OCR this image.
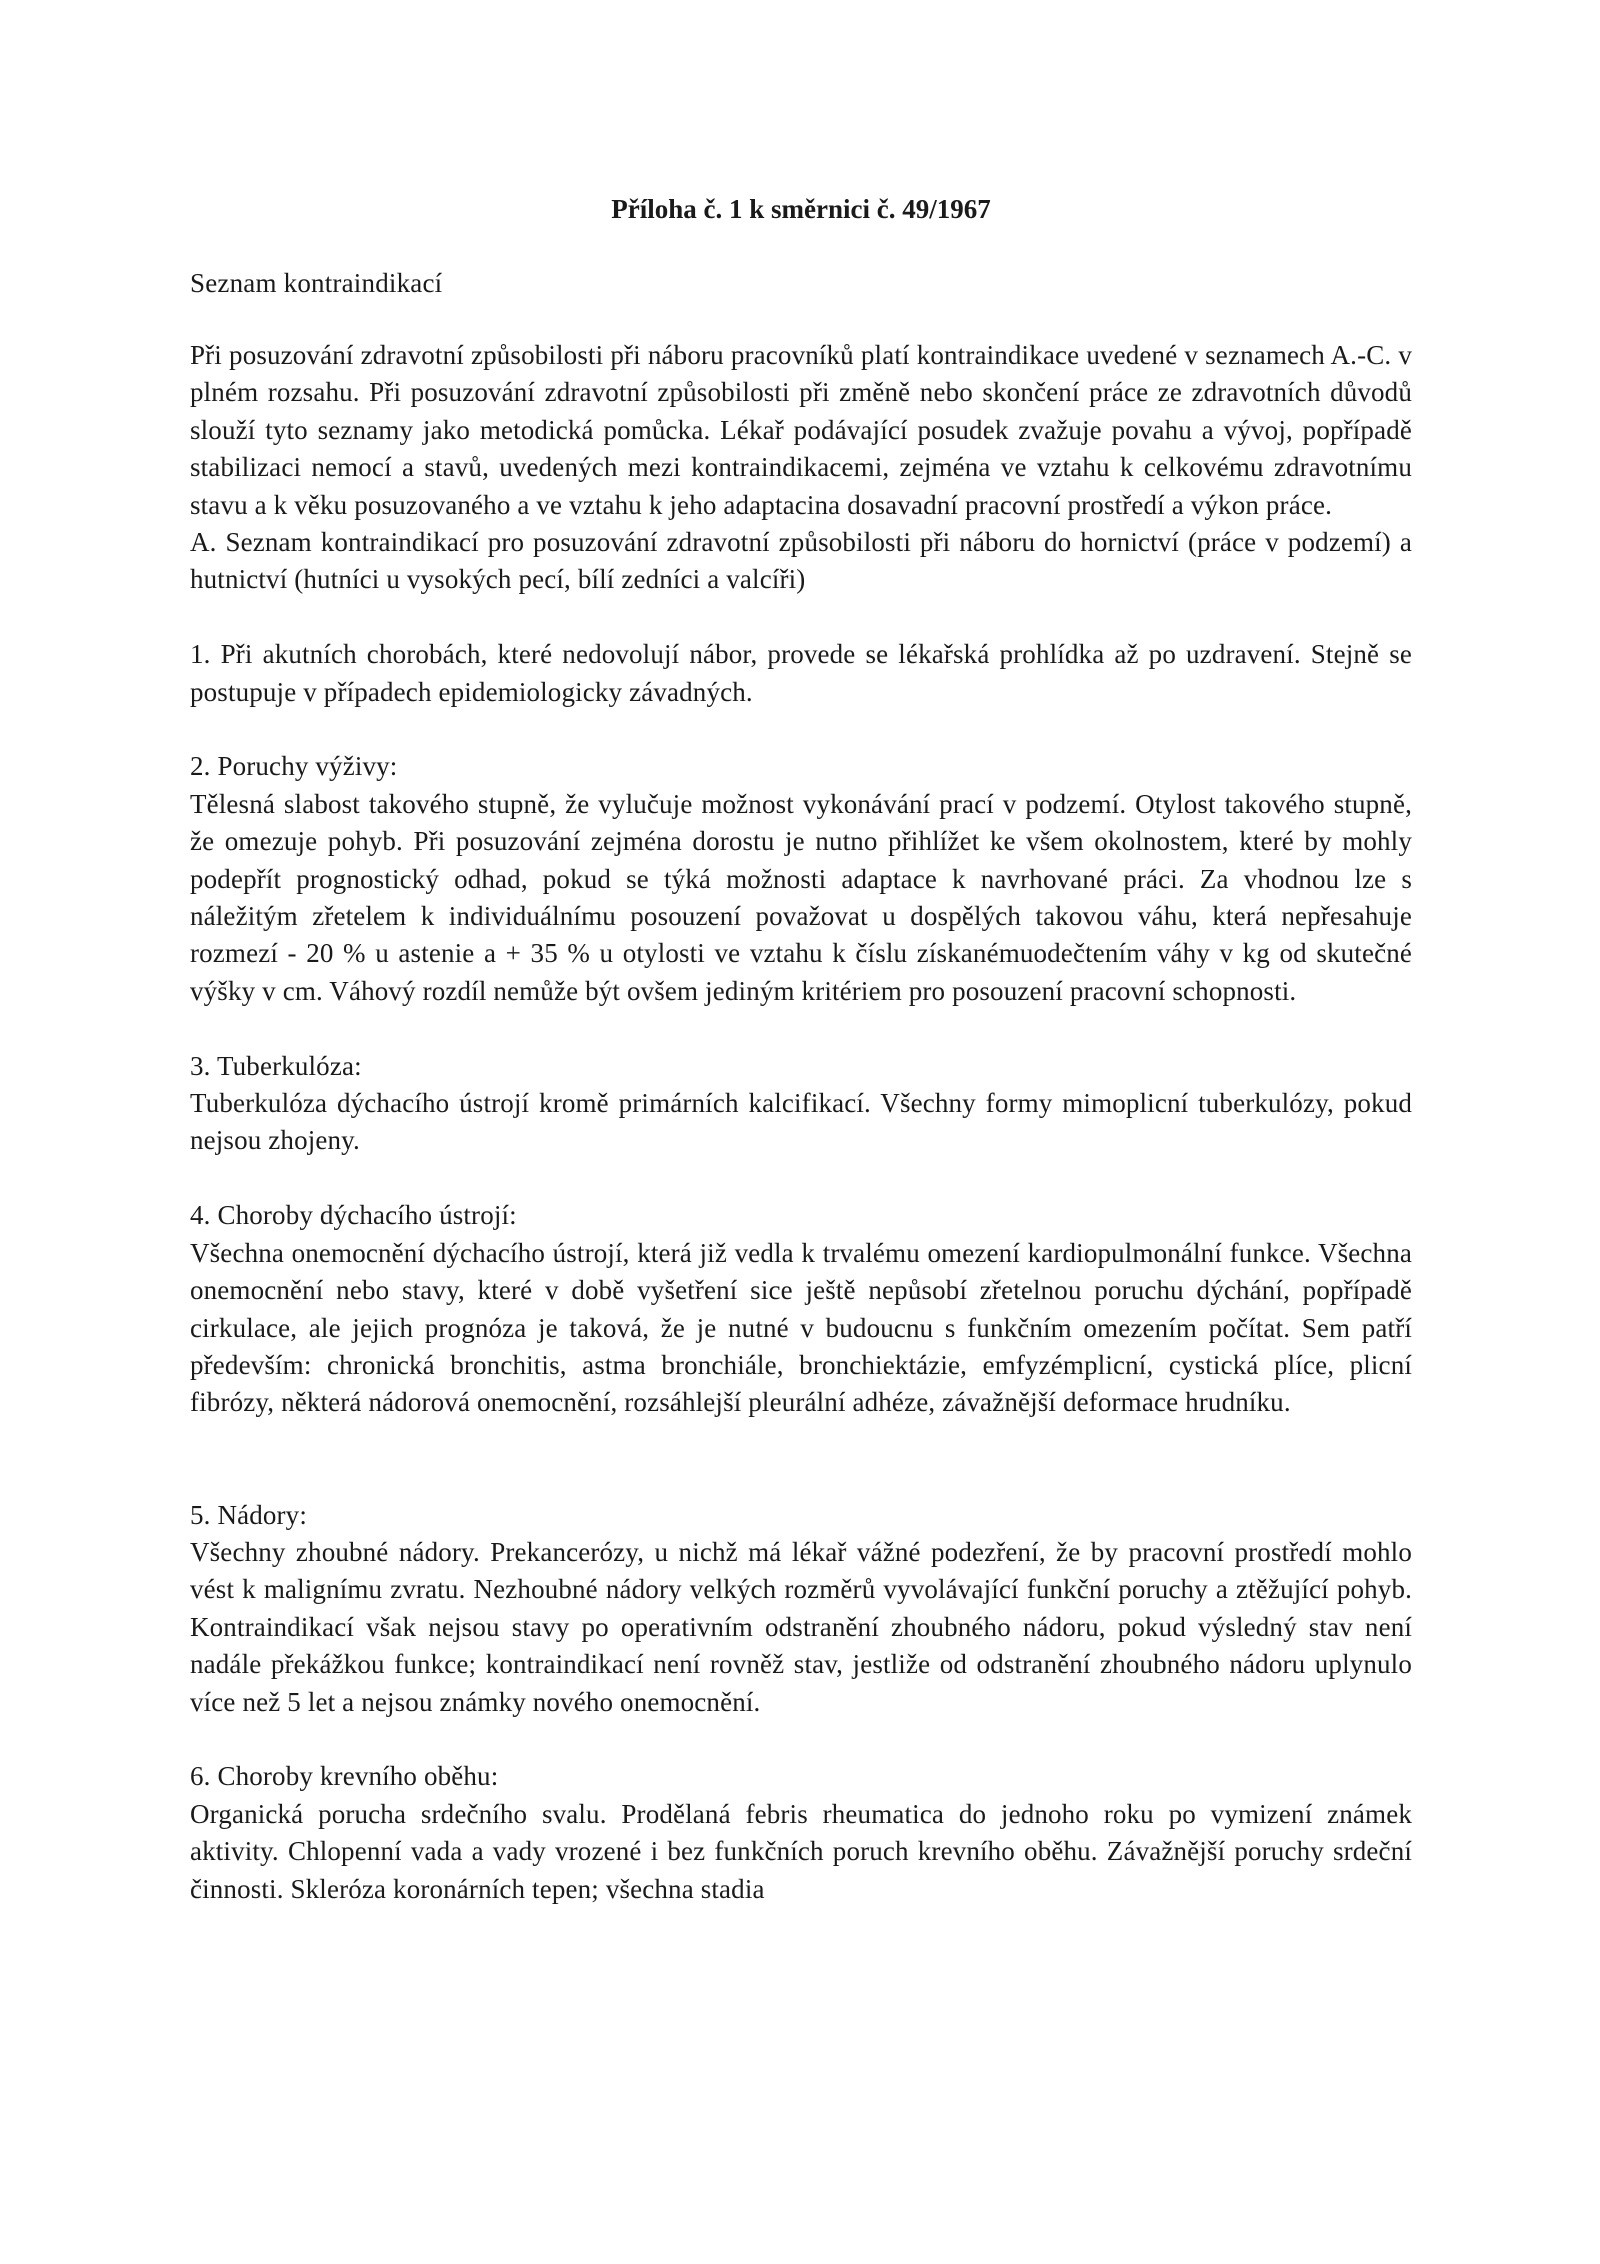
Příloha č. 1 k směrnici č. 49/1967

Seznam kontraindikací

Při posuzování zdravotní způsobilosti při náboru pracovníků platí kontraindikace uvedené v seznamech A.-C. v plném rozsahu. Při posuzování zdravotní způsobilosti při změně nebo skončení práce ze zdravotních důvodů slouží tyto seznamy jako metodická pomůcka. Lékař podávající posudek zvažuje povahu a vývoj, popřípadě stabilizaci nemocí a stavů, uvedených mezi kontraindikacemi, zejména ve vztahu k celkovému zdravotnímu stavu a k věku posuzovaného a ve vztahu k jeho adaptacina dosavadní pracovní prostředí a výkon práce.

A. Seznam kontraindikací pro posuzování zdravotní způsobilosti při náboru do hornictví (práce v podzemí) a hutnictví (hutníci u vysokých pecí, bílí zedníci a valcíři)

1. Při akutních chorobách, které nedovolují nábor, provede se lékařská prohlídka až po uzdravení. Stejně se postupuje v případech epidemiologicky závadných.

2. Poruchy výživy:

Tělesná slabost takového stupně, že vylučuje možnost vykonávání prací v podzemí. Otylost takového stupně, že omezuje pohyb. Při posuzování zejména dorostu je nutno přihlížet ke všem okolnostem, které by mohly podepřít prognostický odhad, pokud se týká možnosti adaptace k navrhované práci. Za vhodnou lze s náležitým zřetelem k individuálnímu posouzení považovat u dospělých takovou váhu, která nepřesahuje rozmezí - 20 % u astenie a + 35 % u otylosti ve vztahu k číslu získanémuodečtením váhy v kg od skutečné výšky v cm. Váhový rozdíl nemůže být ovšem jediným kritériem pro posouzení pracovní schopnosti.

3. Tuberkulóza:

Tuberkulóza dýchacího ústrojí kromě primárních kalcifikací. Všechny formy mimoplicní tuberkulózy, pokud nejsou zhojeny.

4. Choroby dýchacího ústrojí:

Všechna onemocnění dýchacího ústrojí, která již vedla k trvalému omezení kardiopulmonální funkce. Všechna onemocnění nebo stavy, které v době vyšetření sice ještě nepůsobí zřetelnou poruchu dýchání, popřípadě cirkulace, ale jejich prognóza je taková, že je nutné v budoucnu s funkčním omezením počítat. Sem patří především: chronická bronchitis, astma bronchiále, bronchiektázie, emfyzémplicní, cystická plíce, plicní fibrózy, některá nádorová onemocnění, rozsáhlejší pleurální adhéze, závažnější deformace hrudníku.

5. Nádory:

Všechny zhoubné nádory. Prekancerózy, u nichž má lékař vážné podezření, že by pracovní prostředí mohlo vést k malignímu zvratu. Nezhoubné nádory velkých rozměrů vyvolávající funkční poruchy a ztěžující pohyb. Kontraindikací však nejsou stavy po operativním odstranění zhoubného nádoru, pokud výsledný stav není nadále překážkou funkce; kontraindikací není rovněž stav, jestliže od odstranění zhoubného nádoru uplynulo více než 5 let a nejsou známky nového onemocnění.

6. Choroby krevního oběhu:

Organická porucha srdečního svalu. Prodělaná febris rheumatica do jednoho roku po vymizení známek aktivity. Chlopenní vada a vady vrozené i bez funkčních poruch krevního oběhu. Závažnější poruchy srdeční činnosti. Skleróza koronárních tepen; všechna stadia
